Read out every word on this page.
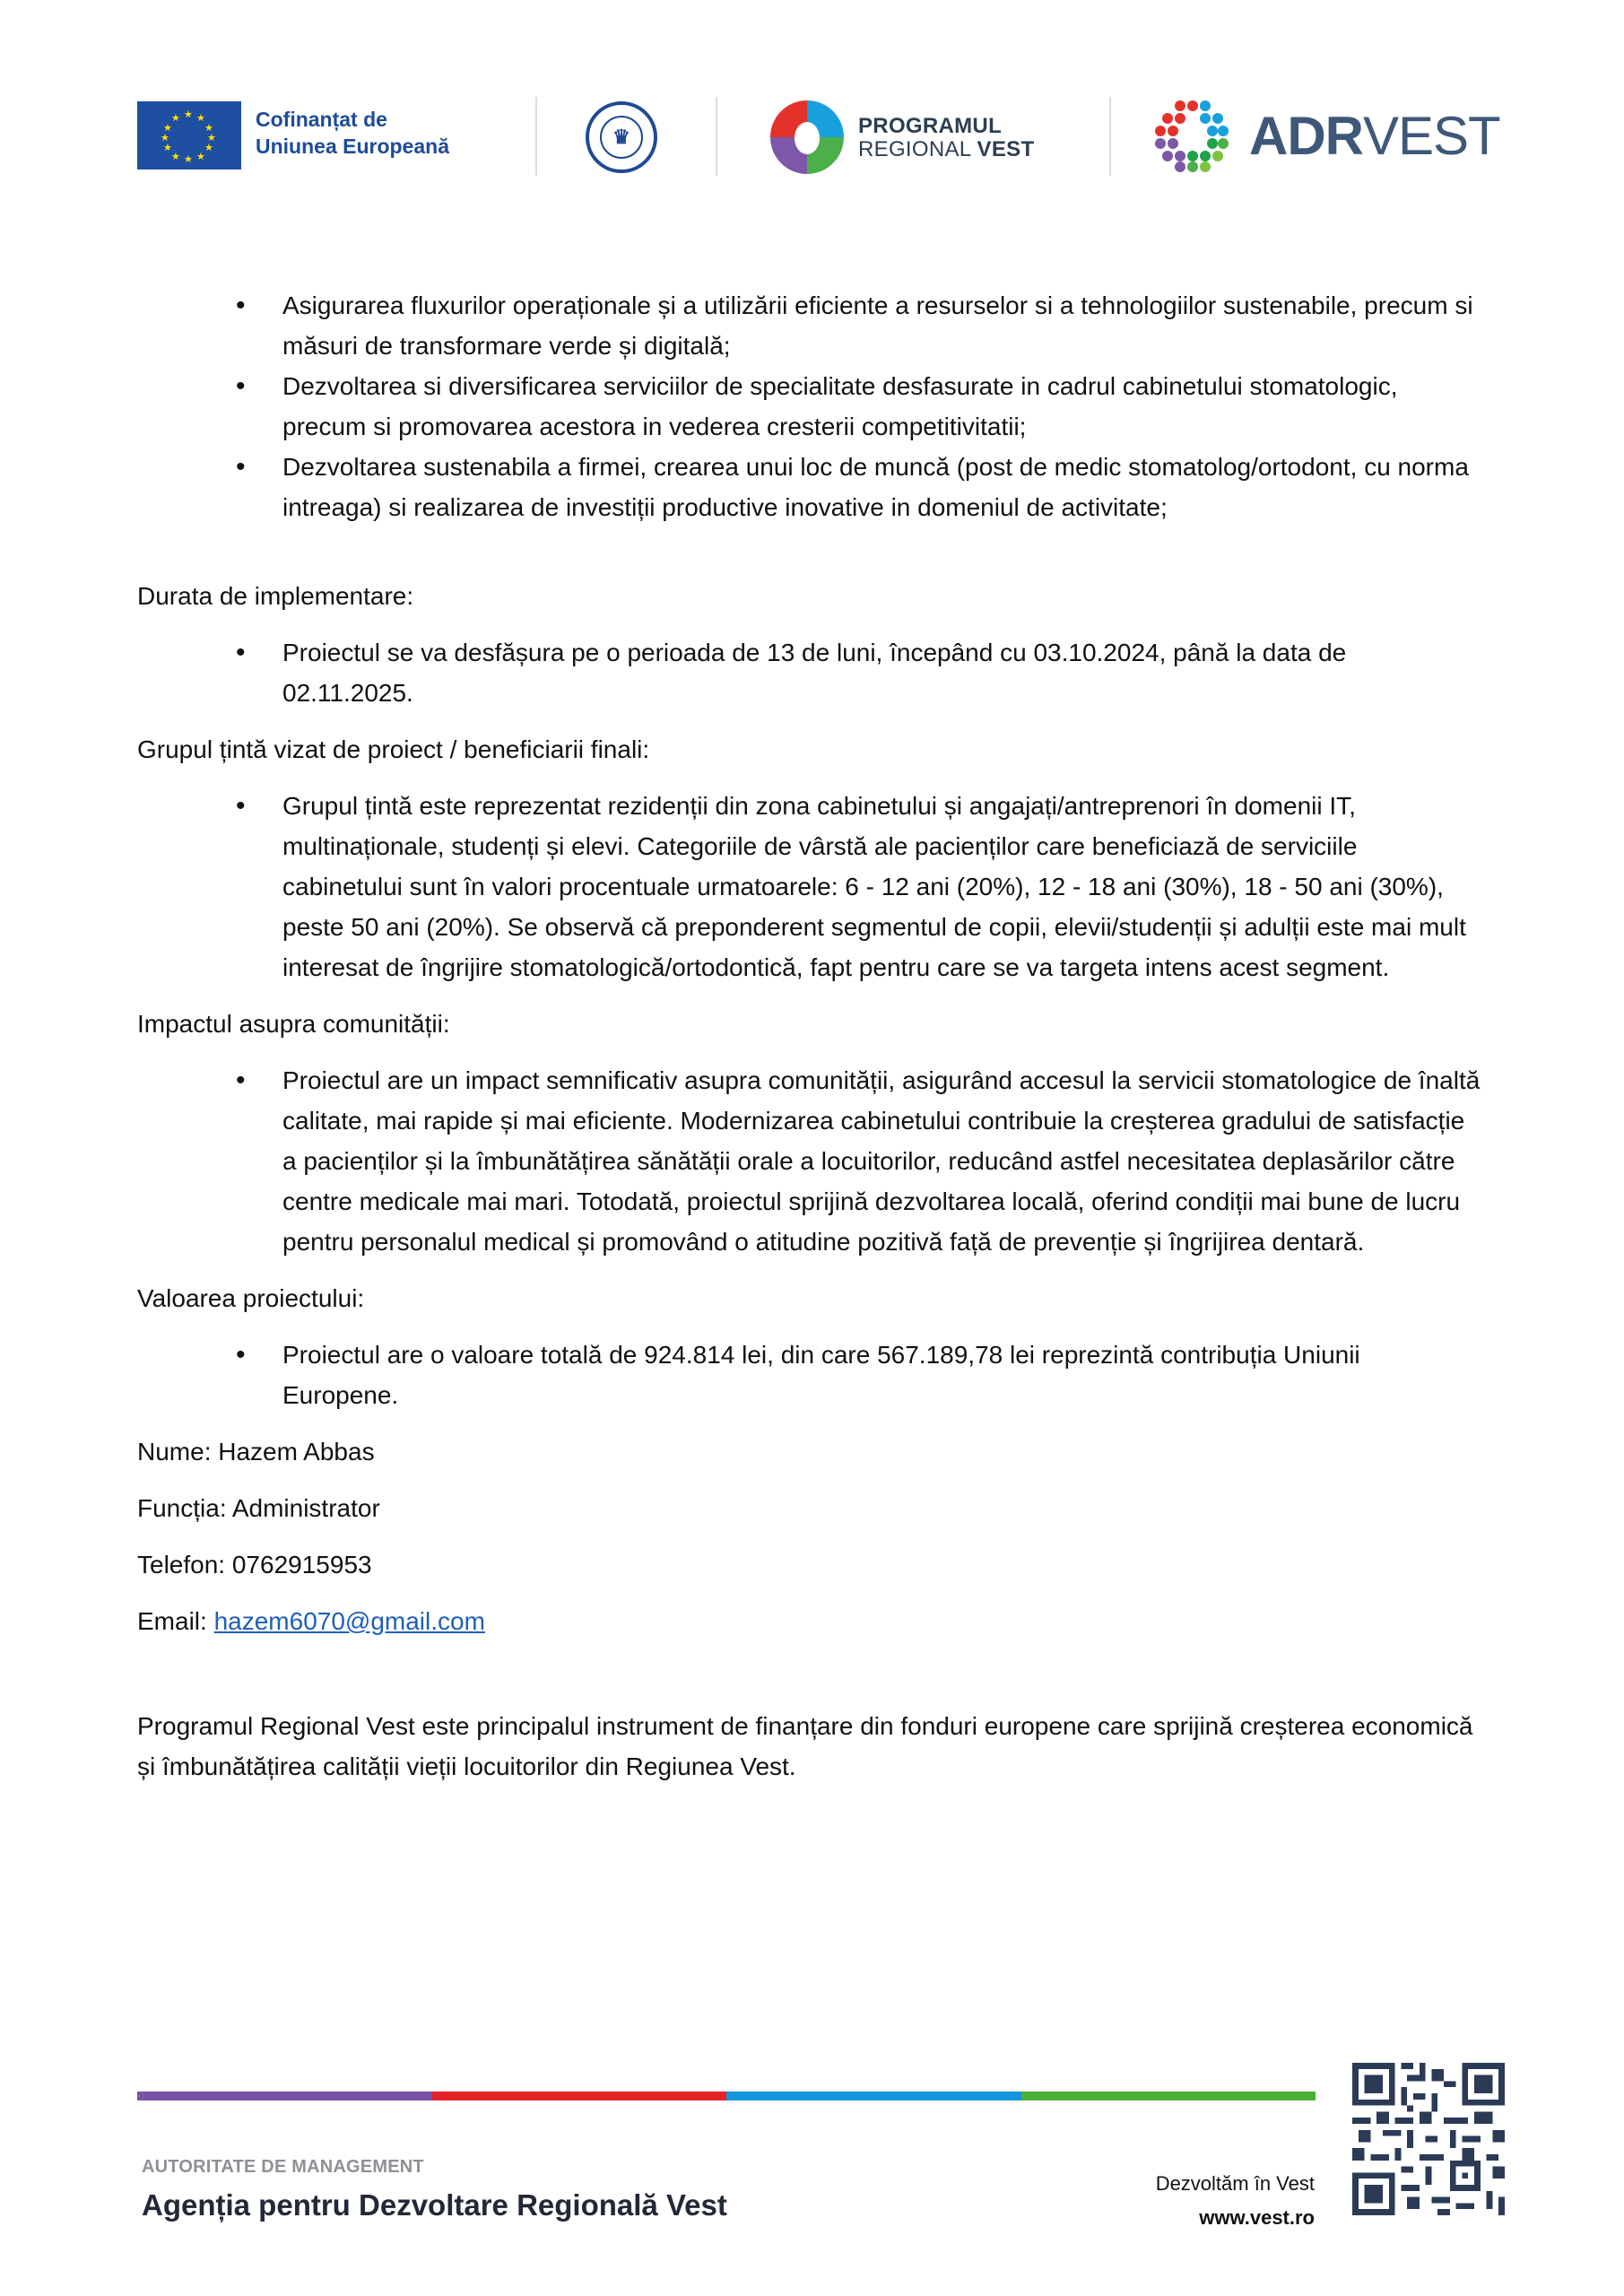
★ ★
★
★
★
★
★
★
★
★
★
★	Cofinanțat de
Uniunea Europeană	♛	PROGRAMUL
REGIONAL VEST	ADRVEST
• Asigurarea fluxurilor operaționale și a utilizării eficiente a resurselor si a tehnologiilor sustenabile, precum si măsuri de transformare verde și digitală;
• Dezvoltarea si diversificarea serviciilor de specialitate desfasurate in cadrul cabinetului stomatologic, precum si promovarea acestora in vederea cresterii competitivitatii;
• Dezvoltarea sustenabila a firmei, crearea unui loc de muncă (post de medic stomatolog/ortodont, cu norma intreaga) si realizarea de investiții productive inovative in domeniul de activitate;

Durata de implementare:

• Proiectul se va desfășura pe o perioada de 13 de luni, începând cu 03.10.2024, până la data de 02.11.2025.

Grupul țintă vizat de proiect / beneficiarii finali:

• Grupul țintă este reprezentat rezidenții din zona cabinetului și angajați/antreprenori în domenii IT, multinaționale, studenți și elevi. Categoriile de vârstă ale pacienților care beneficiază de serviciile cabinetului sunt în valori procentuale urmatoarele: 6 - 12 ani (20%), 12 - 18 ani (30%), 18 - 50 ani (30%), peste 50 ani (20%). Se observă că preponderent segmentul de copii, elevii/studenții și adulții este mai mult interesat de îngrijire stomatologică/ortodontică, fapt pentru care se va targeta intens acest segment.

Impactul asupra comunității:

• Proiectul are un impact semnificativ asupra comunității, asigurând accesul la servicii stomatologice de înaltă calitate, mai rapide și mai eficiente. Modernizarea cabinetului contribuie la creșterea gradului de satisfacție a pacienților și la îmbunătățirea sănătății orale a locuitorilor, reducând astfel necesitatea deplasărilor către centre medicale mai mari. Totodată, proiectul sprijină dezvoltarea locală, oferind condiții mai bune de lucru pentru personalul medical și promovând o atitudine pozitivă față de prevenție și îngrijirea dentară.

Valoarea proiectului:

• Proiectul are o valoare totală de 924.814 lei, din care 567.189,78 lei reprezintă contribuția Uniunii Europene.

Nume: Hazem Abbas

Funcția: Administrator

Telefon: 0762915953

Email: hazem6070@gmail.com

Programul Regional Vest este principalul instrument de finanțare din fonduri europene care sprijină creșterea economică și îmbunătățirea calității vieții locuitorilor din Regiunea Vest.

AUTORITATE DE MANAGEMENT
Agenția pentru Dezvoltare Regională Vest
Dezvoltăm în Vest
www.vest.ro
